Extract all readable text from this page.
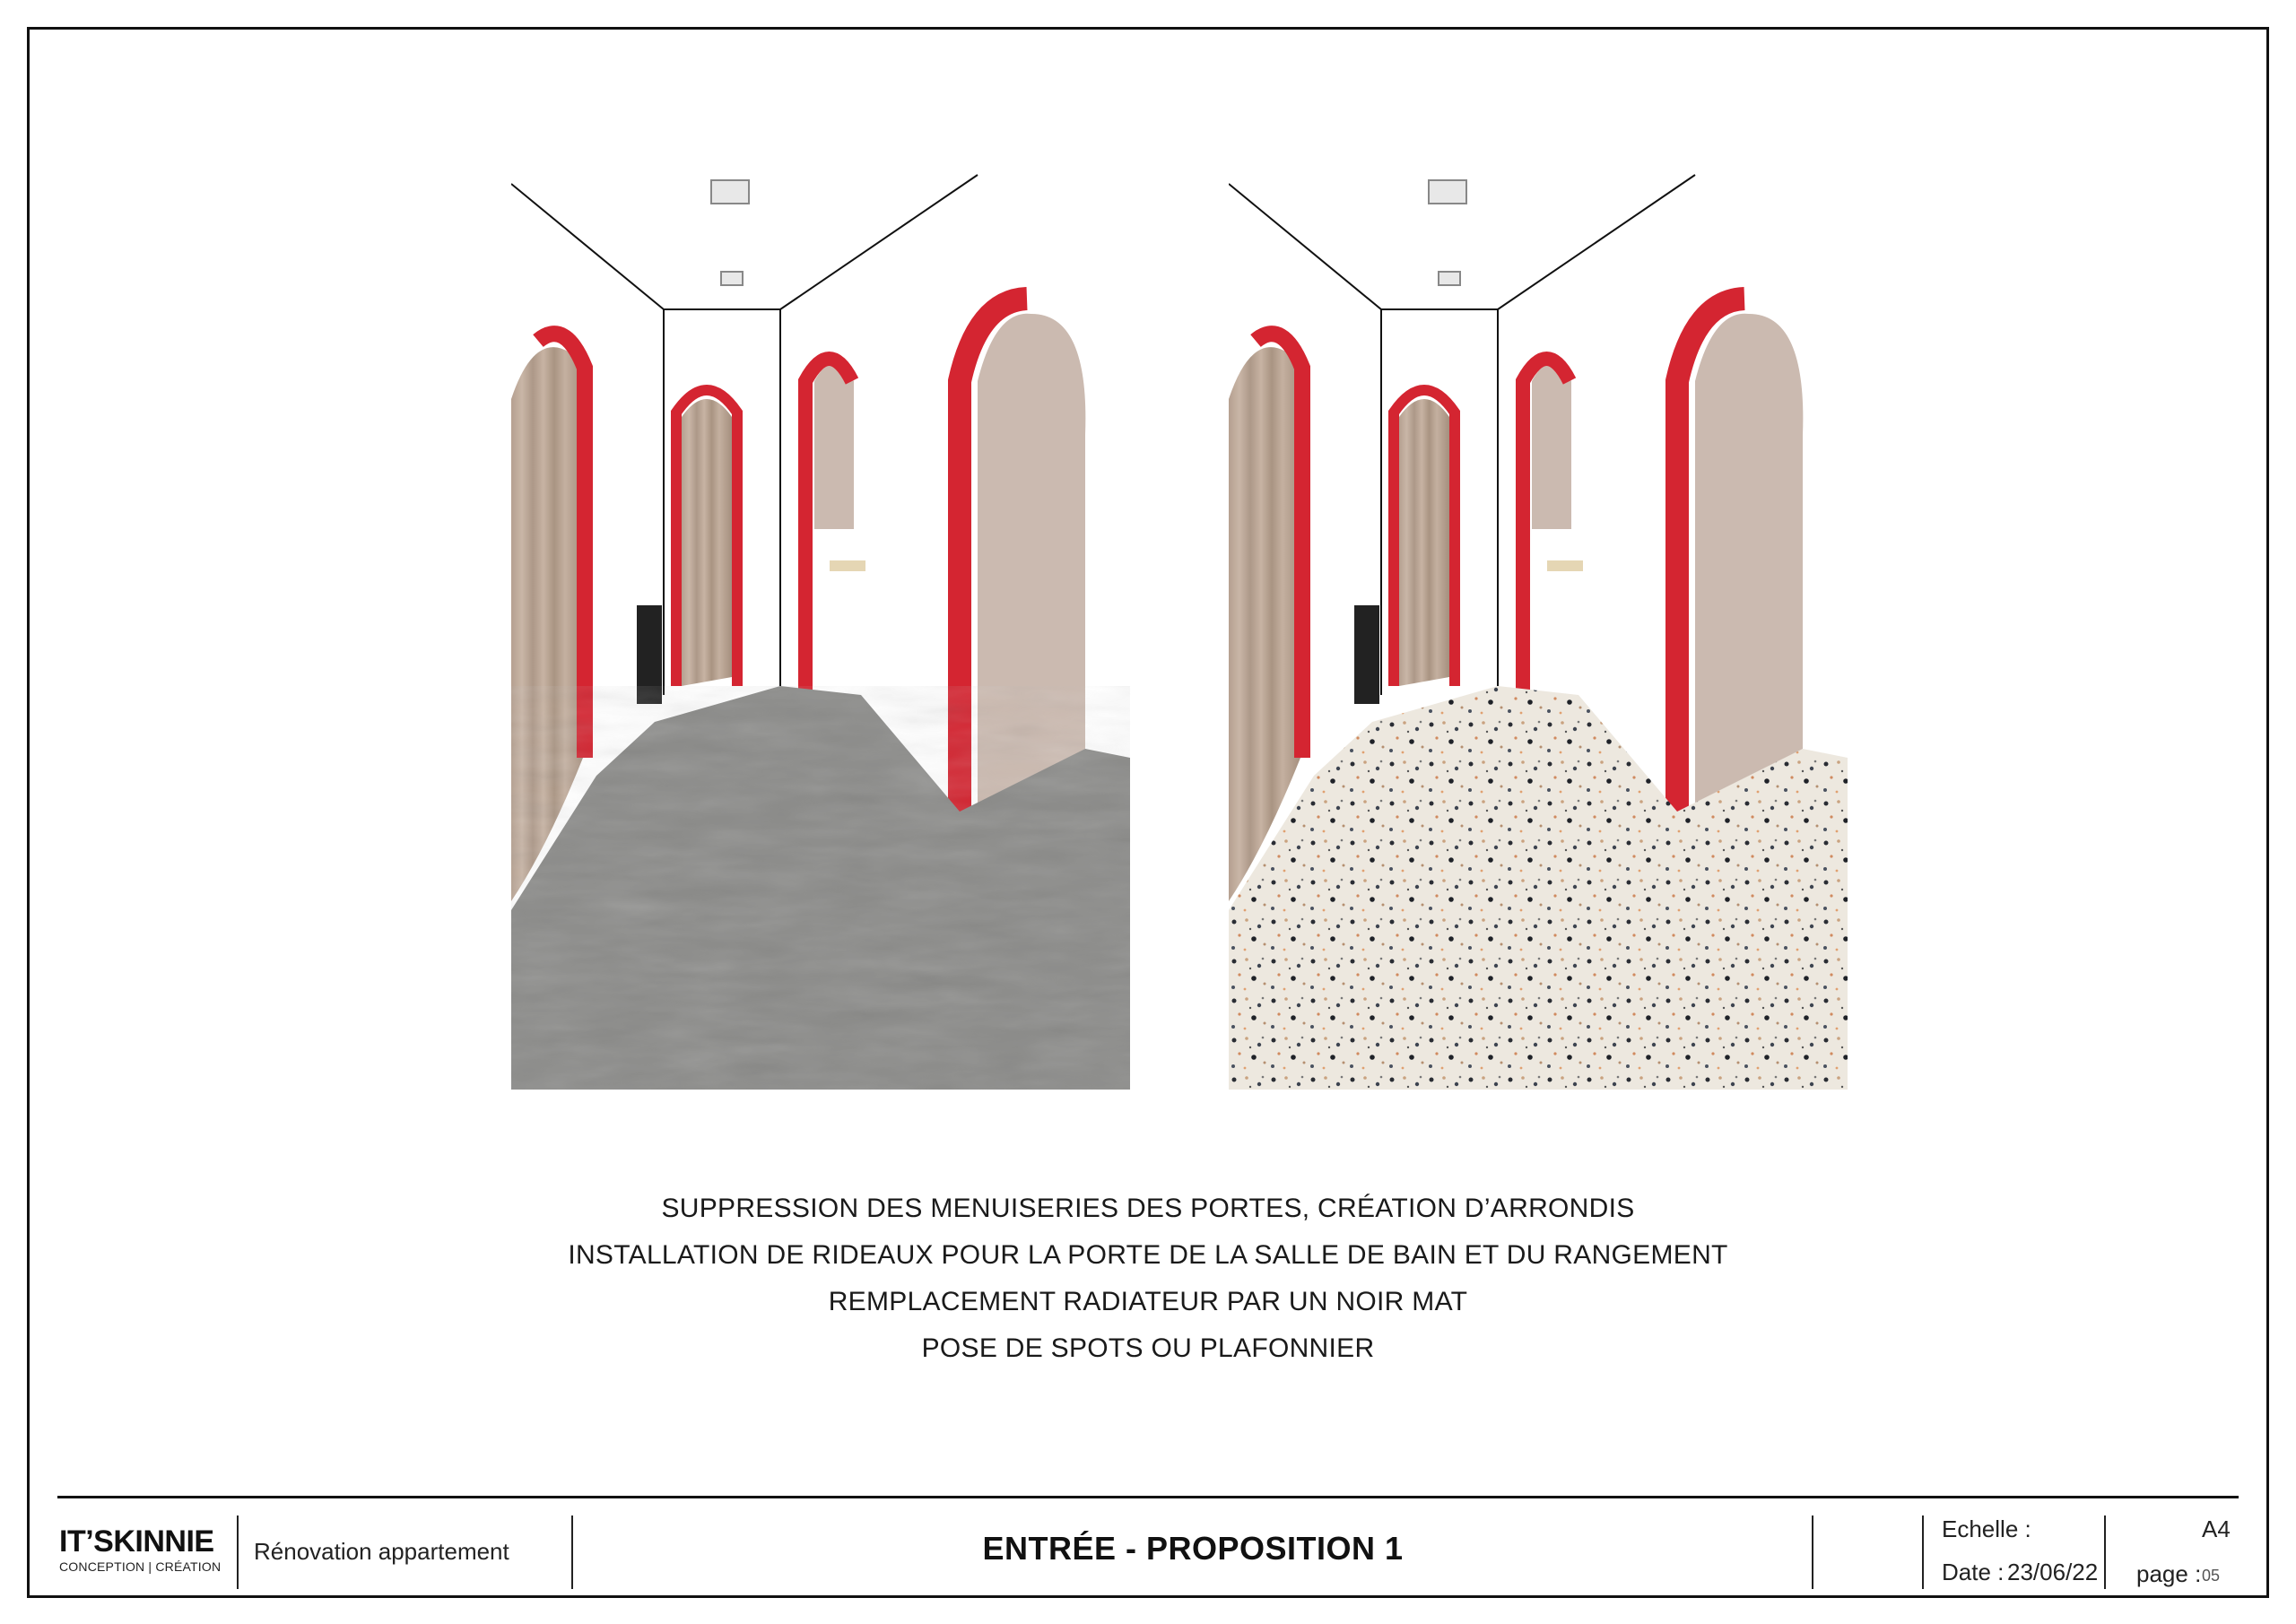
SUPPRESSION DES MENUISERIES DES PORTES, CRÉATION D’ARRONDIS
INSTALLATION DE RIDEAUX POUR LA PORTE DE LA SALLE DE BAIN ET DU RANGEMENT
REMPLACEMENT RADIATEUR PAR UN NOIR MAT
POSE DE SPOTS OU PLAFONNIER
IT’SKINNIE
CONCEPTION | CRÉATION
Rénovation appartement	ENTRÉE - PROPOSITION 1
Echelle :	A4
Date : 23/06/22 page : 05
